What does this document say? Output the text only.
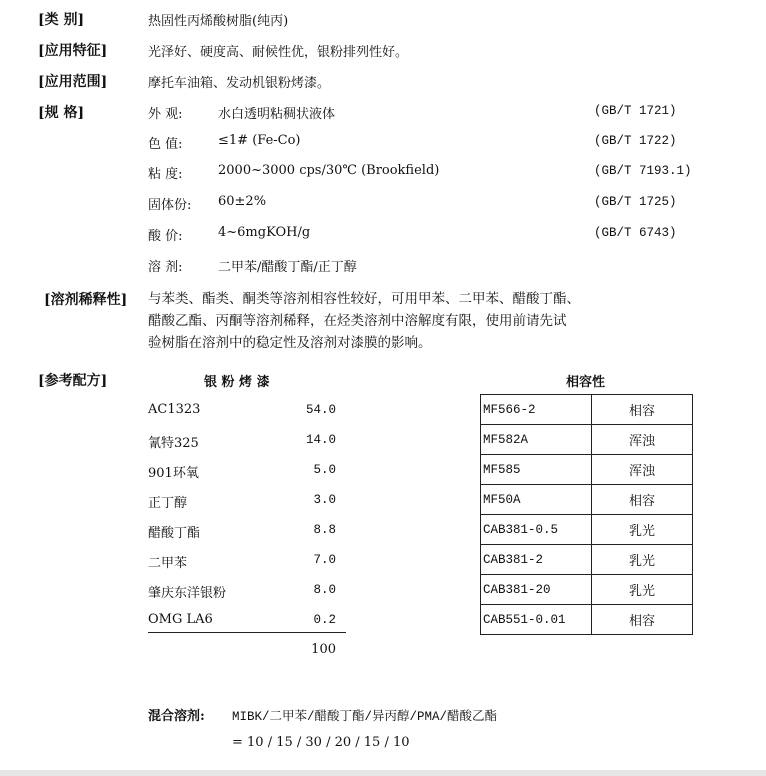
[类 别]	热固性丙烯酸树脂(纯丙)
[应用特征]	光泽好、硬度高、耐候性优，银粉排列性好。
[应用范围]	摩托车油箱、发动机银粉烤漆。
[规 格]	外 观:	水白透明粘稠状液体	(GB/T 1721)
色 值:	≤1# (Fe-Co)	(GB/T 1722)
粘 度:	2000~3000 cps/30℃ (Brookfield)	(GB/T 7193.1)
固体份: 60±2%	(GB/T 1725)
酸 价:	4~6mgKOH/g	(GB/T 6743)
溶 剂:	二甲苯/醋酸丁酯/正丁醇
[溶剂稀释性] 与苯类、酯类、酮类等溶剂相容性较好，可用甲苯、二甲苯、醋酸丁酯、
醋酸乙酯、丙酮等溶剂稀释，在烃类溶剂中溶解度有限，使用前请先试
验树脂在溶剂中的稳定性及溶剂对漆膜的影响。
[参考配方]	银 粉 烤 漆
AC1323	54.0
氰特325	14.0
901环氧	5.0
正丁醇	3.0
醋酸丁酯	8.8
二甲苯	7.0
肇庆东洋银粉	8.0
OMG LA6	0.2
100
相容性
MF566-2	相容
MF582A	浑浊
MF585	浑浊
MF50A	相容
CAB381-0.5	乳光
CAB381-2	乳光
CAB381-20	乳光
CAB551-0.01	相容
混合溶剂: MIBK/二甲苯/醋酸丁酯/异丙醇/PMA/醋酸乙酯
= 10 / 15 / 30 / 20 / 15 / 10
